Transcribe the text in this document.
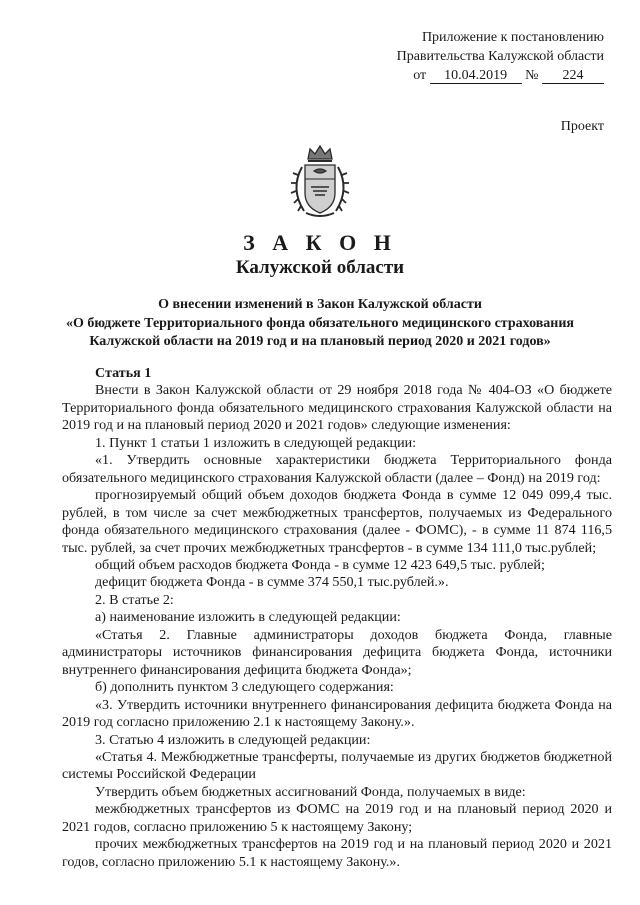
Приложение к постановлению
Правительства Калужской области
от 10.04.2019 № 224
Проект
З А К О Н
Калужской области
О внесении изменений в Закон Калужской области
«О бюджете Территориального фонда обязательного медицинского страхования
Калужской области на 2019 год и на плановый период 2020 и 2021 годов»

Статья 1

Внести в Закон Калужской области от 29 ноября 2018 года № 404-ОЗ «О бюджете Территориального фонда обязательного медицинского страхования Калужской области на 2019 год и на плановый период 2020 и 2021 годов» следующие изменения:

1. Пункт 1 статьи 1 изложить в следующей редакции:

«1. Утвердить основные характеристики бюджета Территориального фонда обязательного медицинского страхования Калужской области (далее – Фонд) на 2019 год:

прогнозируемый общий объем доходов бюджета Фонда в сумме 12 049 099,4 тыс. рублей, в том числе за счет межбюджетных трансфертов, получаемых из Федерального фонда обязательного медицинского страхования (далее - ФОМС), - в сумме 11 874 116,5 тыс. рублей, за счет прочих межбюджетных трансфертов - в сумме 134 111,0 тыс.рублей;

общий объем расходов бюджета Фонда - в сумме 12 423 649,5 тыс. рублей;

дефицит бюджета Фонда - в сумме 374 550,1 тыс.рублей.».

2. В статье 2:

а) наименование изложить в следующей редакции:

«Статья 2. Главные администраторы доходов бюджета Фонда, главные администраторы источников финансирования дефицита бюджета Фонда, источники внутреннего финансирования дефицита бюджета Фонда»;

б) дополнить пунктом 3 следующего содержания:

«3. Утвердить источники внутреннего финансирования дефицита бюджета Фонда на 2019 год согласно приложению 2.1 к настоящему Закону.».

3. Статью 4 изложить в следующей редакции:

«Статья 4. Межбюджетные трансферты, получаемые из других бюджетов бюджетной системы Российской Федерации

Утвердить объем бюджетных ассигнований Фонда, получаемых в виде:

межбюджетных трансфертов из ФОМС на 2019 год и на плановый период 2020 и 2021 годов, согласно приложению 5 к настоящему Закону;

прочих межбюджетных трансфертов на 2019 год и на плановый период 2020 и 2021 годов, согласно приложению 5.1 к настоящему Закону.».
